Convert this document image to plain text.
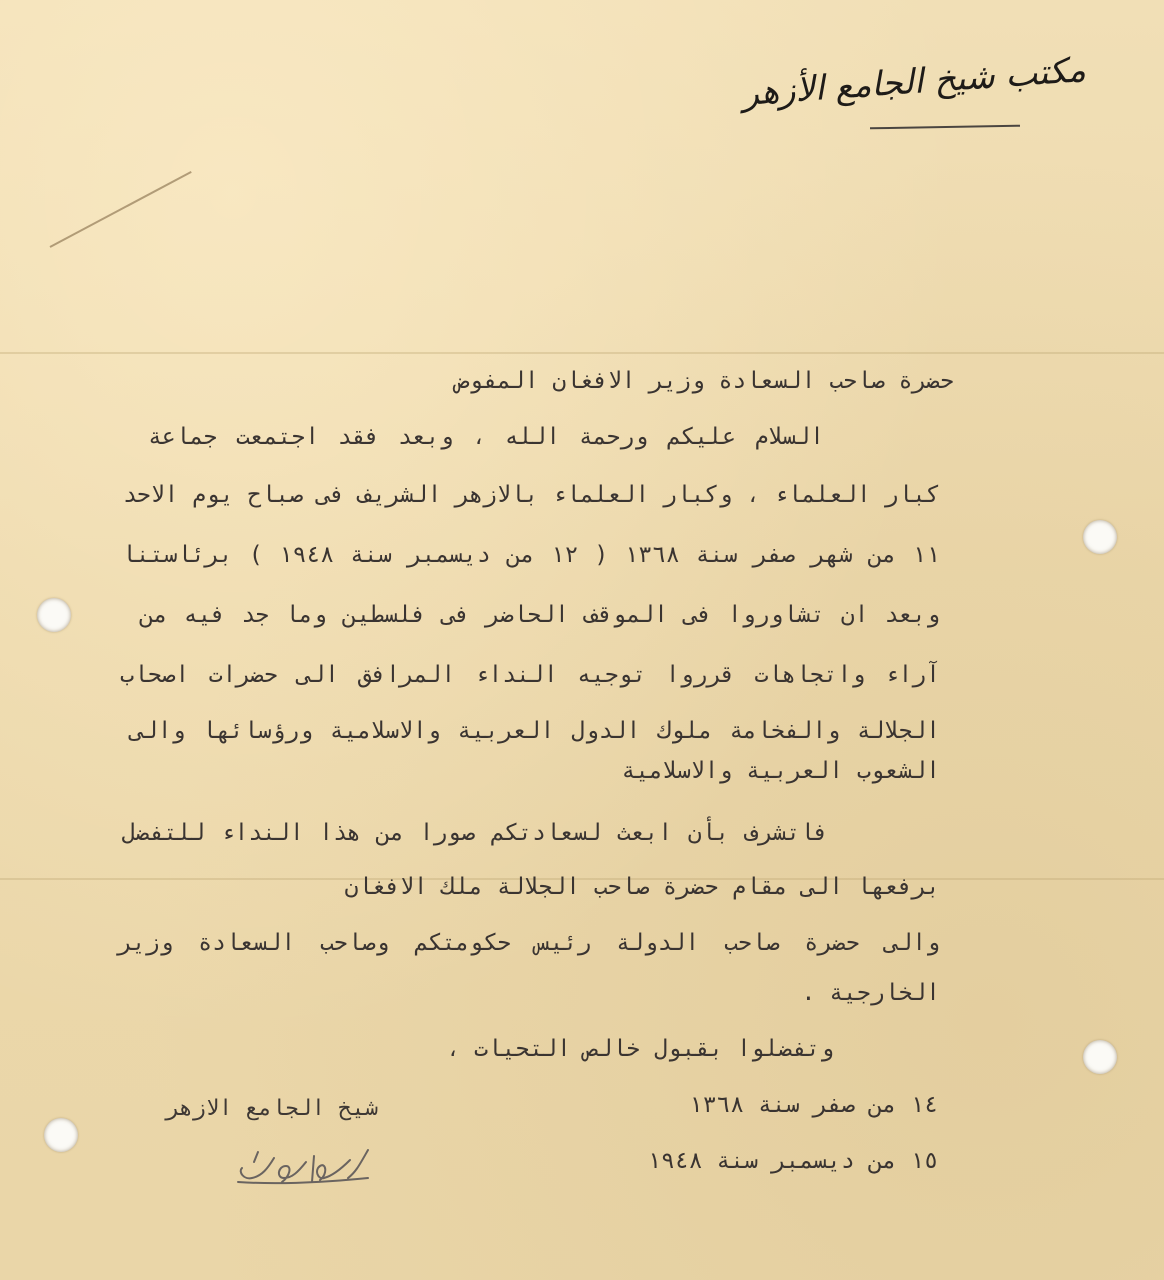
مكتب شيخ الجامع الأزهر
حضرة صاحب السعادة وزير الافغان المفوض
السلام عليكم ورحمة الله ، وبعد فقد اجتمعت جماعة
كبار العلماء ، وكبار العلماء بالازهر الشريف فى صباح يوم الاحد
١١ من شهر صفر سنة ١٣٦٨ ( ١٢ من ديسمبر سنة ١٩٤٨ ) برئاستنا
وبعد ان تشاوروا فى الموقف الحاضر فى فلسطين وما جد فيه من
آراء واتجاهات قرروا توجيه النداء المرافق الى حضرات اصحاب
الجلالة والفخامة ملوك الدول العربية والاسلامية ورؤسائها والى
الشعوب العربية والاسلامية
فاتشرف بأن ابعث لسعادتكم صورا من هذا النداء للتفضل
برفعها الى مقام حضرة صاحب الجلالة ملك الافغان
والى حضرة صاحب الدولة رئيس حكومتكم وصاحب السعادة وزير
الخارجية .
وتفضلوا بقبول خالص التحيات ،
١٤ من صفر سنة ١٣٦٨
١٥ من ديسمبر سنة ١٩٤٨
شيخ الجامع الازهر
